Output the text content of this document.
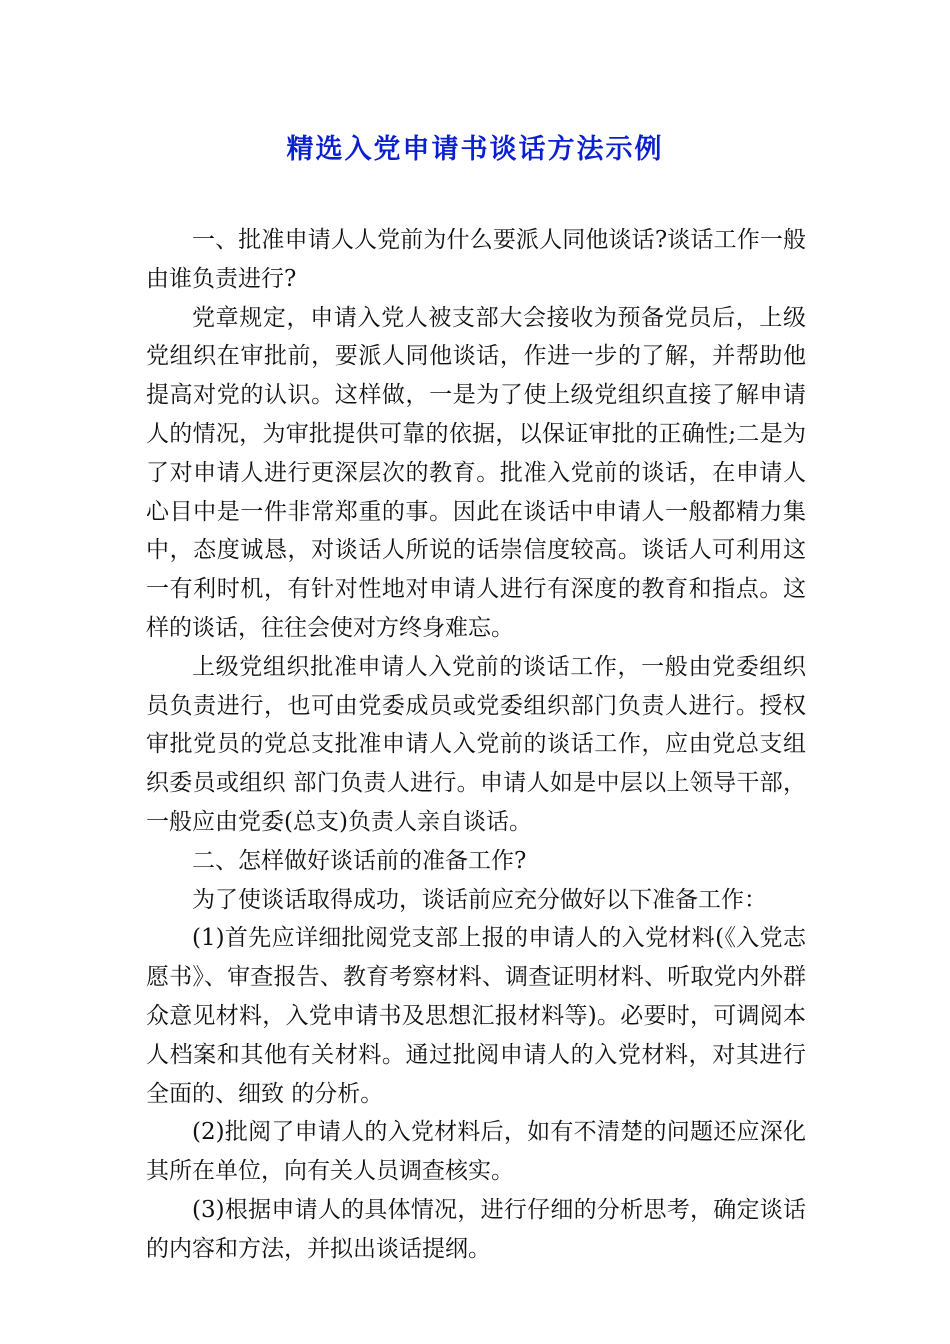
精选入党申请书谈话方法示例

一、批准申请人人党前为什么要派人同他谈话?谈话工作一般由谁负责进行?

党章规定，申请入党人被支部大会接收为预备党员后，上级党组织在审批前，要派人同他谈话，作进一步的了解，并帮助他提高对党的认识。这样做，一是为了使上级党组织直接了解申请人的情况，为审批提供可靠的依据，以保证审批的正确性;二是为了对申请人进行更深层次的教育。批准入党前的谈话，在申请人心目中是一件非常郑重的事。因此在谈话中申请人一般都精力集中，态度诚恳，对谈话人所说的话崇信度较高。谈话人可利用这一有利时机，有针对性地对申请人进行有深度的教育和指点。这样的谈话，往往会使对方终身难忘。

上级党组织批准申请人入党前的谈话工作，一般由党委组织员负责进行，也可由党委成员或党委组织部门负责人进行。授权审批党员的党总支批准申请人入党前的谈话工作，应由党总支组织委员或组织 部门负责人进行。申请人如是中层以上领导干部，一般应由党委(总支)负责人亲自谈话。

二、怎样做好谈话前的准备工作?

为了使谈话取得成功，谈话前应充分做好以下准备工作：

(1)首先应详细批阅党支部上报的申请人的入党材料(《入党志愿书》、审查报告、教育考察材料、调查证明材料、听取党内外群众意见材料，入党申请书及思想汇报材料等)。必要时，可调阅本人档案和其他有关材料。通过批阅申请人的入党材料，对其进行全面的、细致 的分析。

(2)批阅了申请人的入党材料后，如有不清楚的问题还应深化其所在单位，向有关人员调查核实。

(3)根据申请人的具体情况，进行仔细的分析思考，确定谈话的内容和方法，并拟出谈话提纲。
